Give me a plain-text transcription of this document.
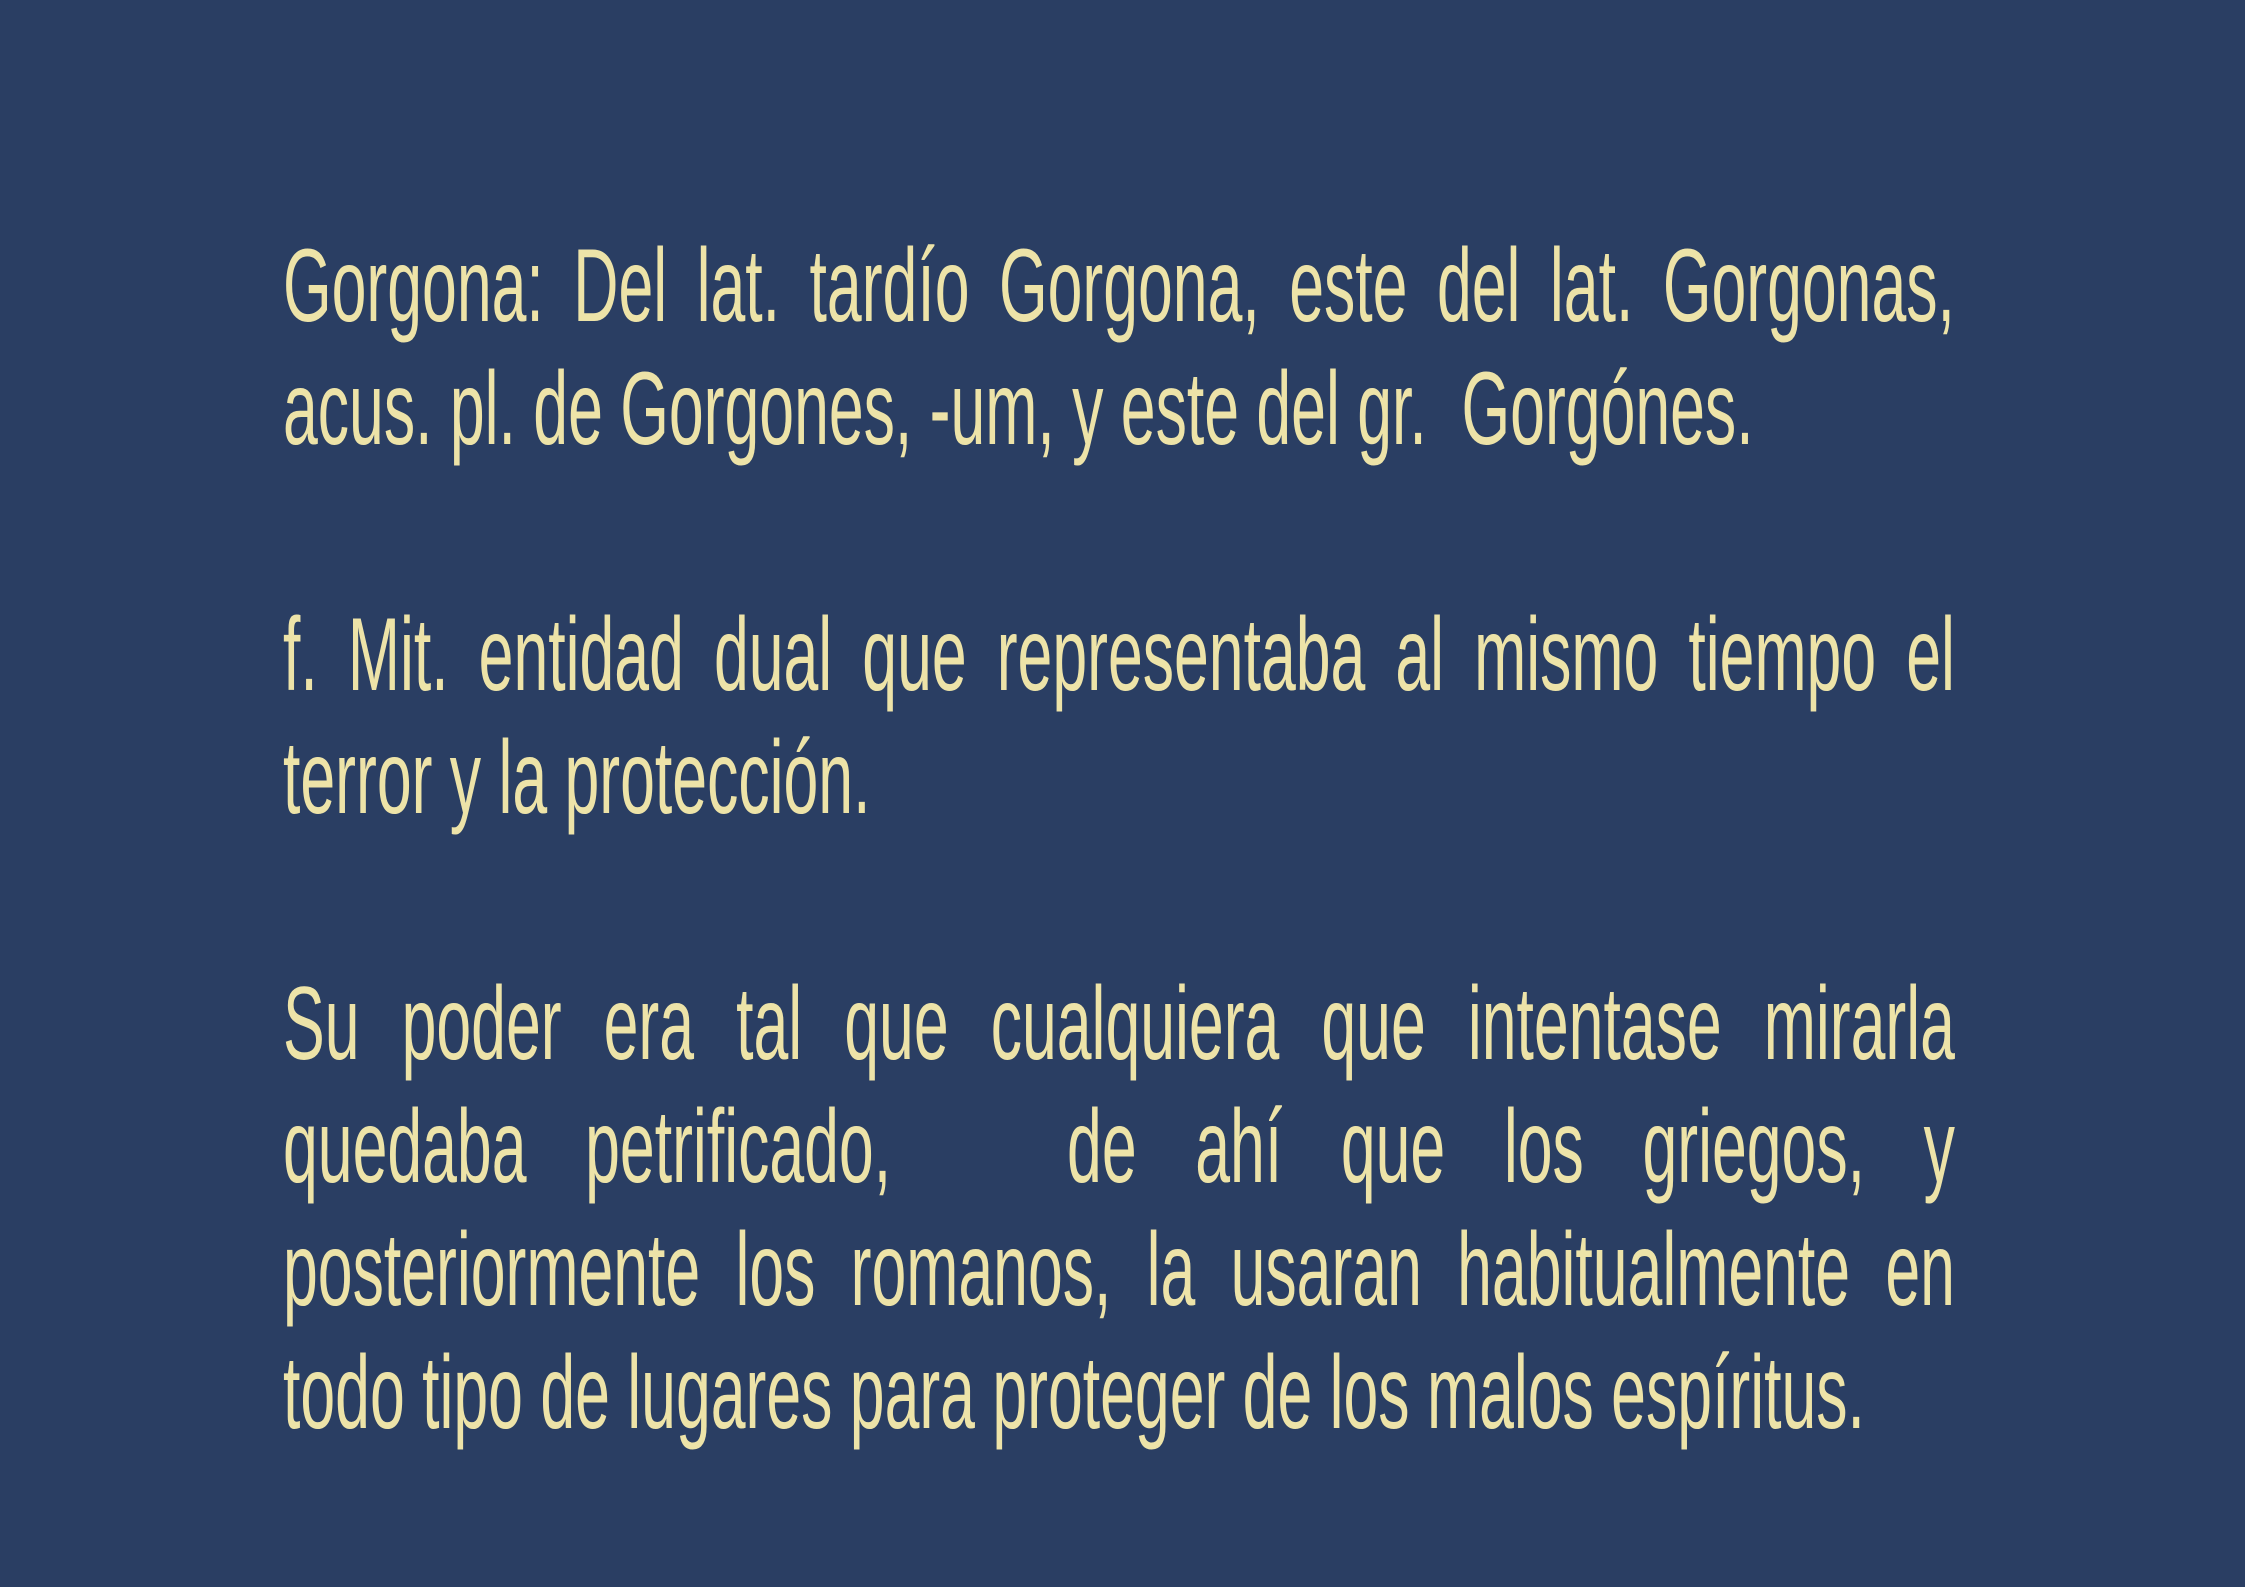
Gorgona: Del lat. tardío Gorgona, este del lat. Gorgonas,
acus. pl. de Gorgones, -um, y este del gr.  Gorgónes.

f. Mit. entidad dual que representaba al mismo tiempo el
terror y la protección.

Su poder era tal que cualquiera que intentase mirarla
quedaba petrificado,   de ahí que los griegos, y
posteriormente los romanos, la usaran habitualmente en
todo tipo de lugares para proteger de los malos espíritus.
